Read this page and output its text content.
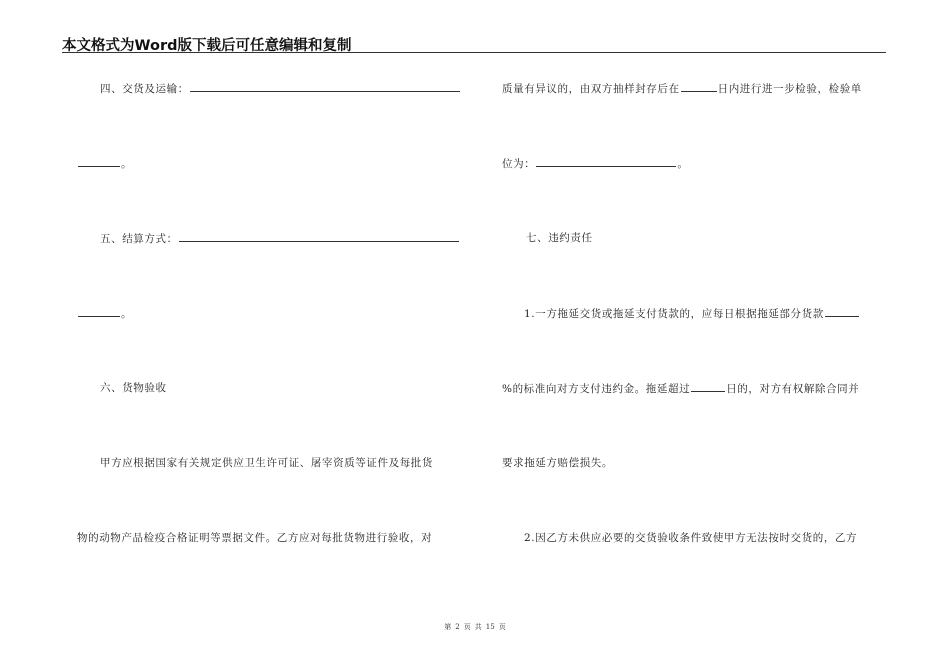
本文格式为Word版下载后可任意编辑和复制
四、交货及运输：
。
五、结算方式：
。
六、货物验收
甲方应根据国家有关规定供应卫生许可证、屠宰资质等证件及每批货
物的动物产品检疫合格证明等票据文件。乙方应对每批货物进行验收，对
质量有异议的，由双方抽样封存后在	日内进行进一步检验，检验单
位为：	。
七、违约责任
1.一方拖延交货或拖延支付货款的，应每日根据拖延部分货款
%的标准向对方支付违约金。拖延超过	日的，对方有权解除合同并
要求拖延方赔偿损失。
2.因乙方未供应必要的交货验收条件致使甲方无法按时交货的，乙方
第 2 页 共 15 页
